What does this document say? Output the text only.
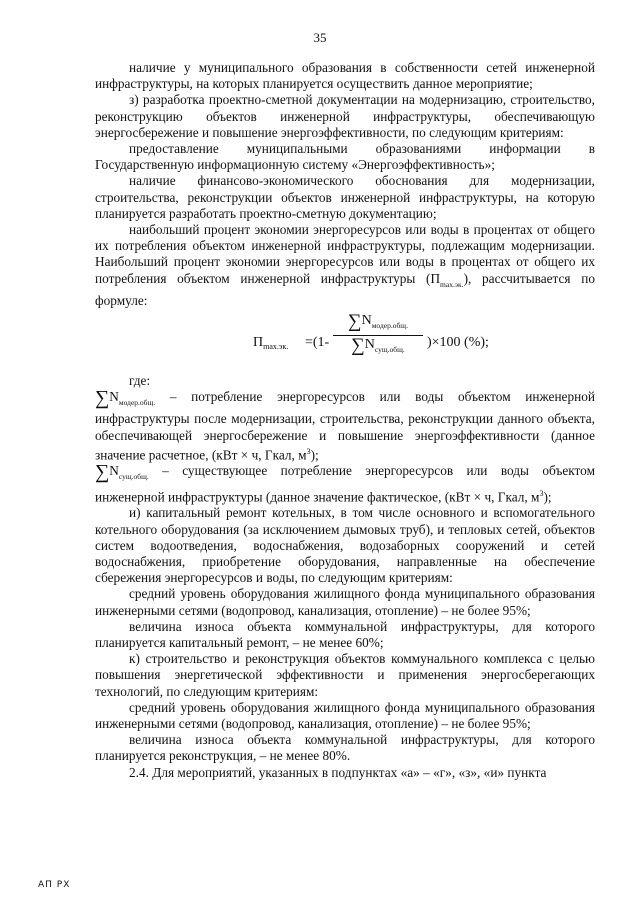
35

наличие у муниципального образования в собственности сетей инженерной инфраструктуры, на которых планируется осуществить данное мероприятие;

з) разработка проектно-сметной документации на модернизацию, строительство, реконструкцию объектов инженерной инфраструктуры, обеспечивающую энергосбережение и повышение энергоэффективности, по следующим критериям:

предоставление муниципальными образованиями информации в Государственную информационную систему «Энергоэффективность»;

наличие финансово-экономического обоснования для модернизации, строительства, реконструкции объектов инженерной инфраструктуры, на которую планируется разработать проектно-сметную документацию;

наибольший процент экономии энергоресурсов или воды в процентах от общего их потребления объектом инженерной инфраструктуры, подлежащим модернизации. Наибольший процент экономии энергоресурсов или воды в процентах от общего их потребления объектом инженерной инфраструктуры $(П_{max.эк.})$, рассчитывается по формуле:

$П_{max.эк.} =(1-$
$\sum N_{модер.общ.}$
$\sum N_{сущ.общ.}$	)×100 (%);

где:

$\sum N_{модер.общ.}$ – потребление энергоресурсов или воды объектом инженерной инфраструктуры после модернизации, строительства, реконструкции данного объекта, обеспечивающей энергосбережение и повышение энергоэффективности (данное значение расчетное, (кВт × ч, Гкал, $м^3$);

$\sum N_{сущ.общ.}$ – существующее потребление энергоресурсов или воды объектом инженерной инфраструктуры (данное значение фактическое, (кВт × ч, Гкал, $м^3$);

и) капитальный ремонт котельных, в том числе основного и вспомогательного котельного оборудования (за исключением дымовых труб), и тепловых сетей, объектов систем водоотведения, водоснабжения, водозаборных сооружений и сетей водоснабжения, приобретение оборудования, направленные на обеспечение сбережения энергоресурсов и воды, по следующим критериям:

средний уровень оборудования жилищного фонда муниципального образования инженерными сетями (водопровод, канализация, отопление) – не более 95%;

величина износа объекта коммунальной инфраструктуры, для которого планируется капитальный ремонт, – не менее 60%;

к) строительство и реконструкция объектов коммунального комплекса с целью повышения энергетической эффективности и применения энергосберегающих технологий, по следующим критериям:

средний уровень оборудования жилищного фонда муниципального образования инженерными сетями (водопровод, канализация, отопление) – не более 95%;

величина износа объекта коммунальной инфраструктуры, для которого планируется реконструкция, – не менее 80%.

2.4. Для мероприятий, указанных в подпунктах «а» – «г», «з», «и» пункта

АП РХ
